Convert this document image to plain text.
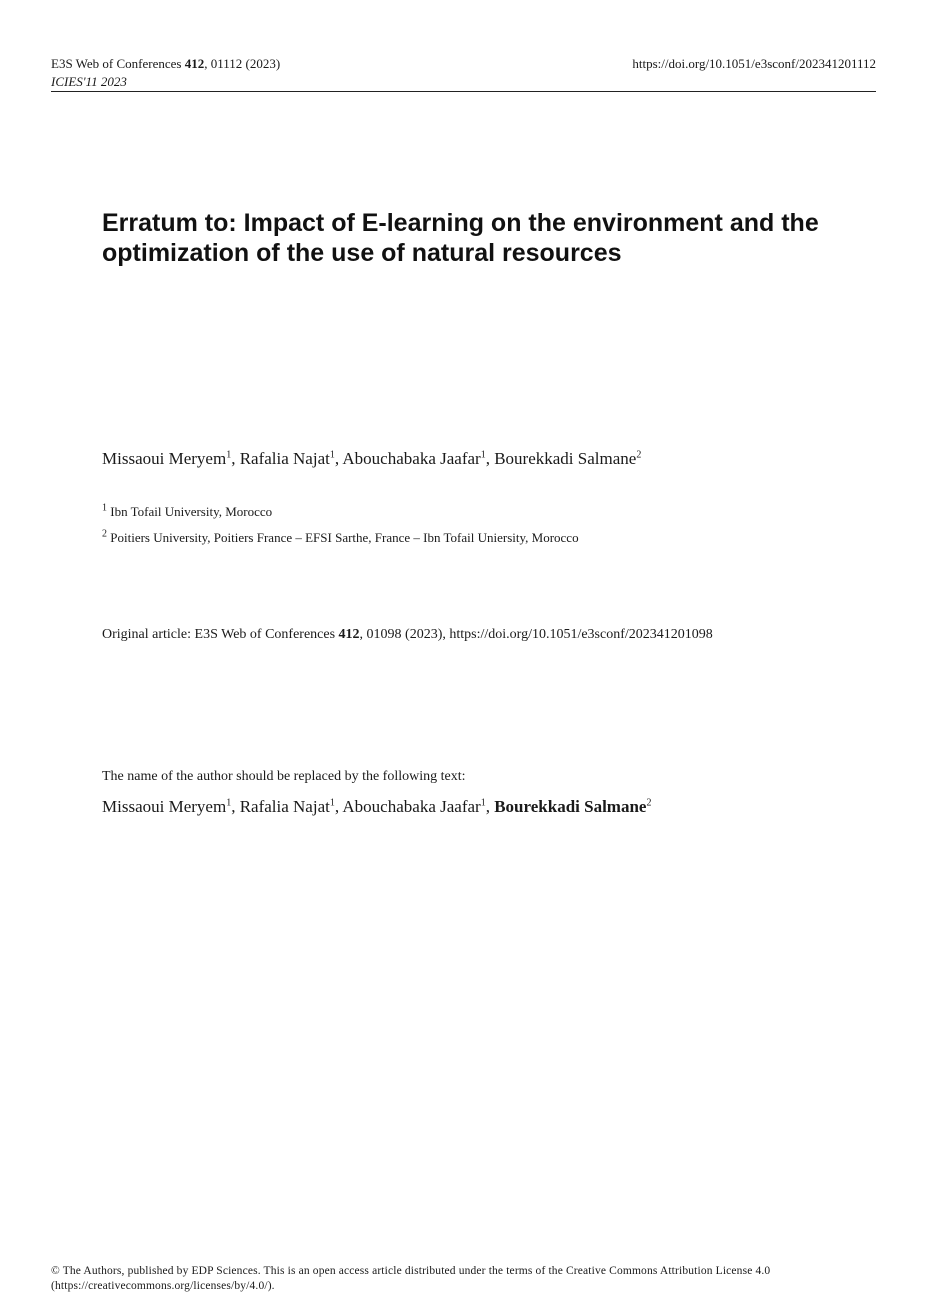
E3S Web of Conferences 412, 01112 (2023)
ICIES'11 2023
https://doi.org/10.1051/e3sconf/202341201112
Erratum to: Impact of E-learning on the environment and the optimization of the use of natural resources
Missaoui Meryem$^1$, Rafalia Najat$^1$, Abouchabaka Jaafar$^1$, Bourekkadi Salmane$^2$
$^1$ Ibn Tofail University, Morocco
$^2$ Poitiers University, Poitiers France – EFSI Sarthe, France – Ibn Tofail Uniersity, Morocco
Original article: E3S Web of Conferences 412, 01098 (2023), https://doi.org/10.1051/e3sconf/202341201098
The name of the author should be replaced by the following text:
Missaoui Meryem$^1$, Rafalia Najat$^1$, Abouchabaka Jaafar$^1$, Bourekkadi Salmane$^2$
© The Authors, published by EDP Sciences. This is an open access article distributed under the terms of the Creative Commons Attribution License 4.0
(https://creativecommons.org/licenses/by/4.0/).
